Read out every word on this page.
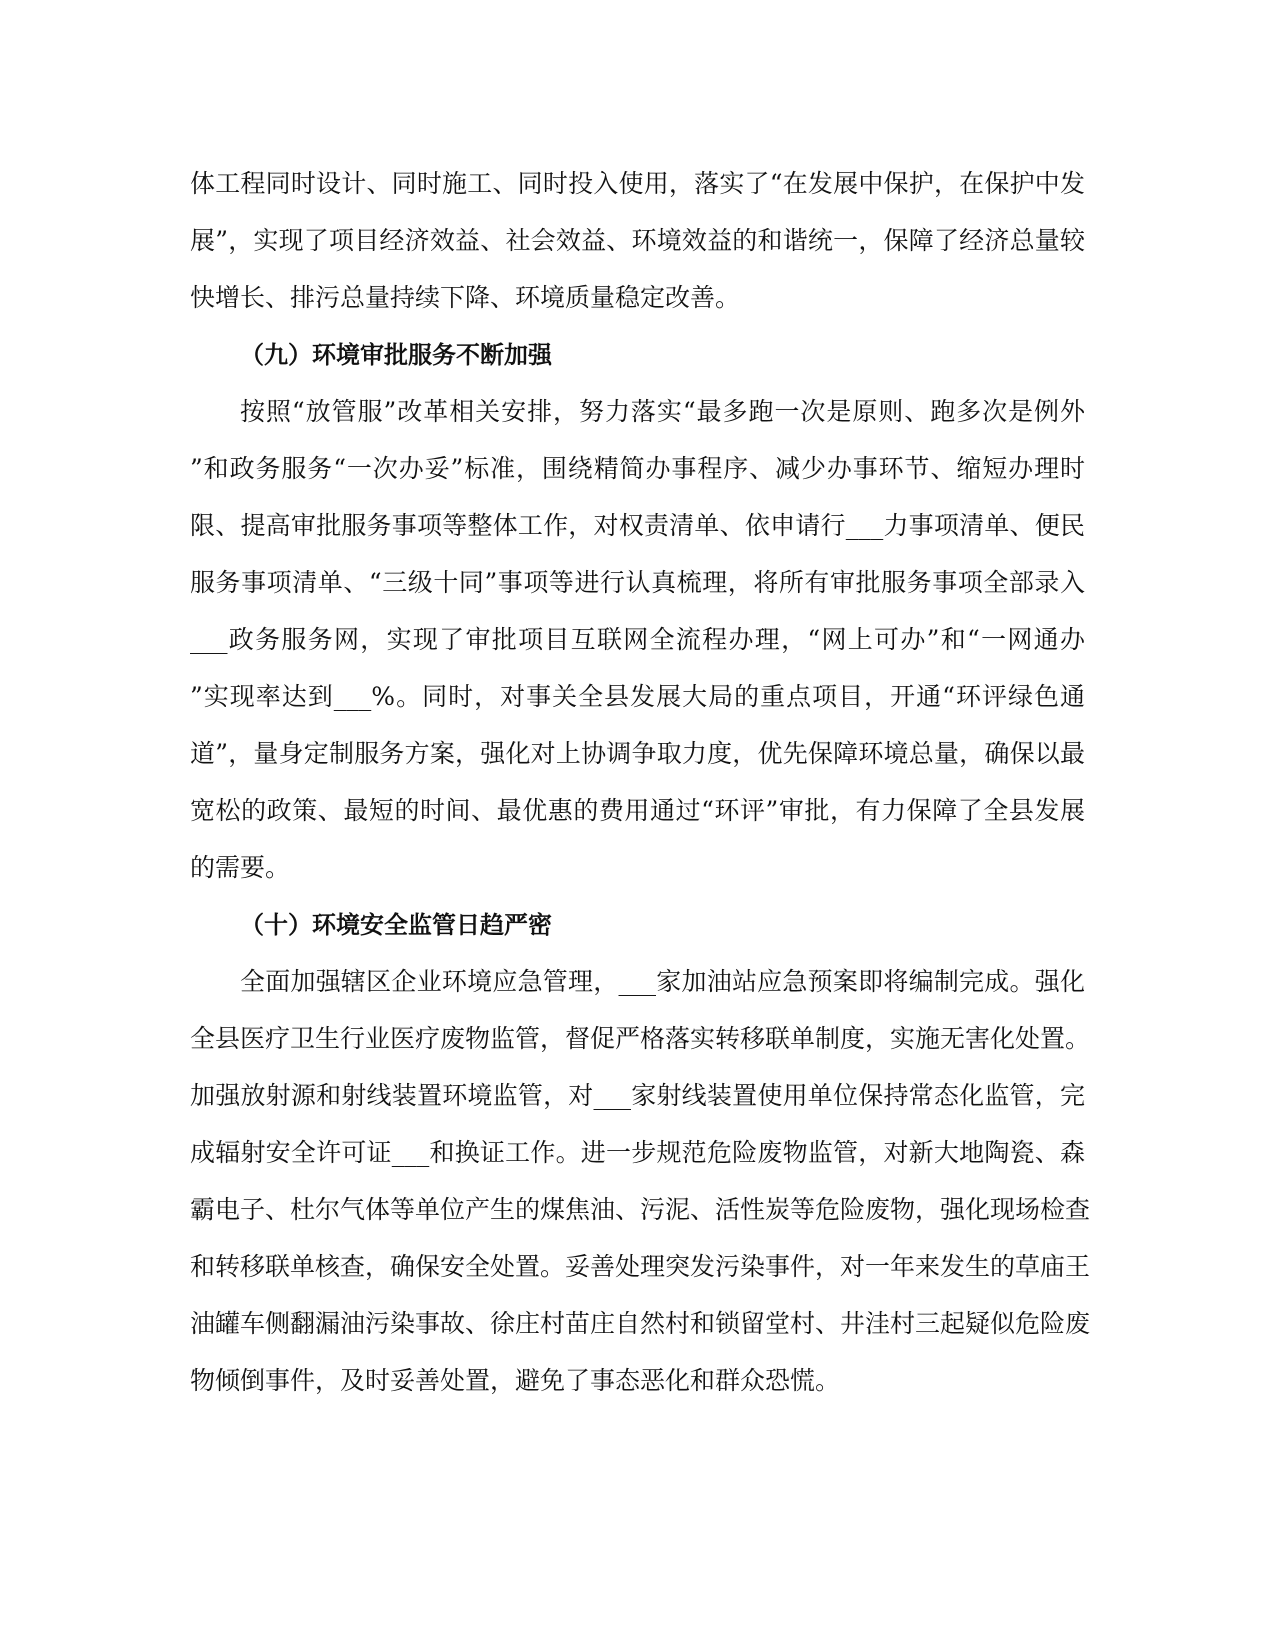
体工程同时设计、同时施工、同时投入使用，落实了“在发展中保护，在保护中发
展”，实现了项目经济效益、社会效益、环境效益的和谐统一，保障了经济总量较
快增长、排污总量持续下降、环境质量稳定改善。
（九）环境审批服务不断加强
按照“放管服”改革相关安排，努力落实“最多跑一次是原则、跑多次是例外
”和政务服务“一次办妥”标准，围绕精简办事程序、减少办事环节、缩短办理时
限、提高审批服务事项等整体工作，对权责清单、依申请行___力事项清单、便民
服务事项清单、“三级十同”事项等进行认真梳理，将所有审批服务事项全部录入
___政务服务网，实现了审批项目互联网全流程办理，“网上可办”和“一网通办
”实现率达到___%。同时，对事关全县发展大局的重点项目，开通“环评绿色通
道”，量身定制服务方案，强化对上协调争取力度，优先保障环境总量，确保以最
宽松的政策、最短的时间、最优惠的费用通过“环评”审批，有力保障了全县发展
的需要。
（十）环境安全监管日趋严密
全面加强辖区企业环境应急管理，___家加油站应急预案即将编制完成。强化
全县医疗卫生行业医疗废物监管，督促严格落实转移联单制度，实施无害化处置。
加强放射源和射线装置环境监管，对___家射线装置使用单位保持常态化监管，完
成辐射安全许可证___和换证工作。进一步规范危险废物监管，对新大地陶瓷、森
霸电子、杜尔气体等单位产生的煤焦油、污泥、活性炭等危险废物，强化现场检查
和转移联单核查，确保安全处置。妥善处理突发污染事件，对一年来发生的草庙王
油罐车侧翻漏油污染事故、徐庄村苗庄自然村和锁留堂村、井洼村三起疑似危险废
物倾倒事件，及时妥善处置，避免了事态恶化和群众恐慌。
